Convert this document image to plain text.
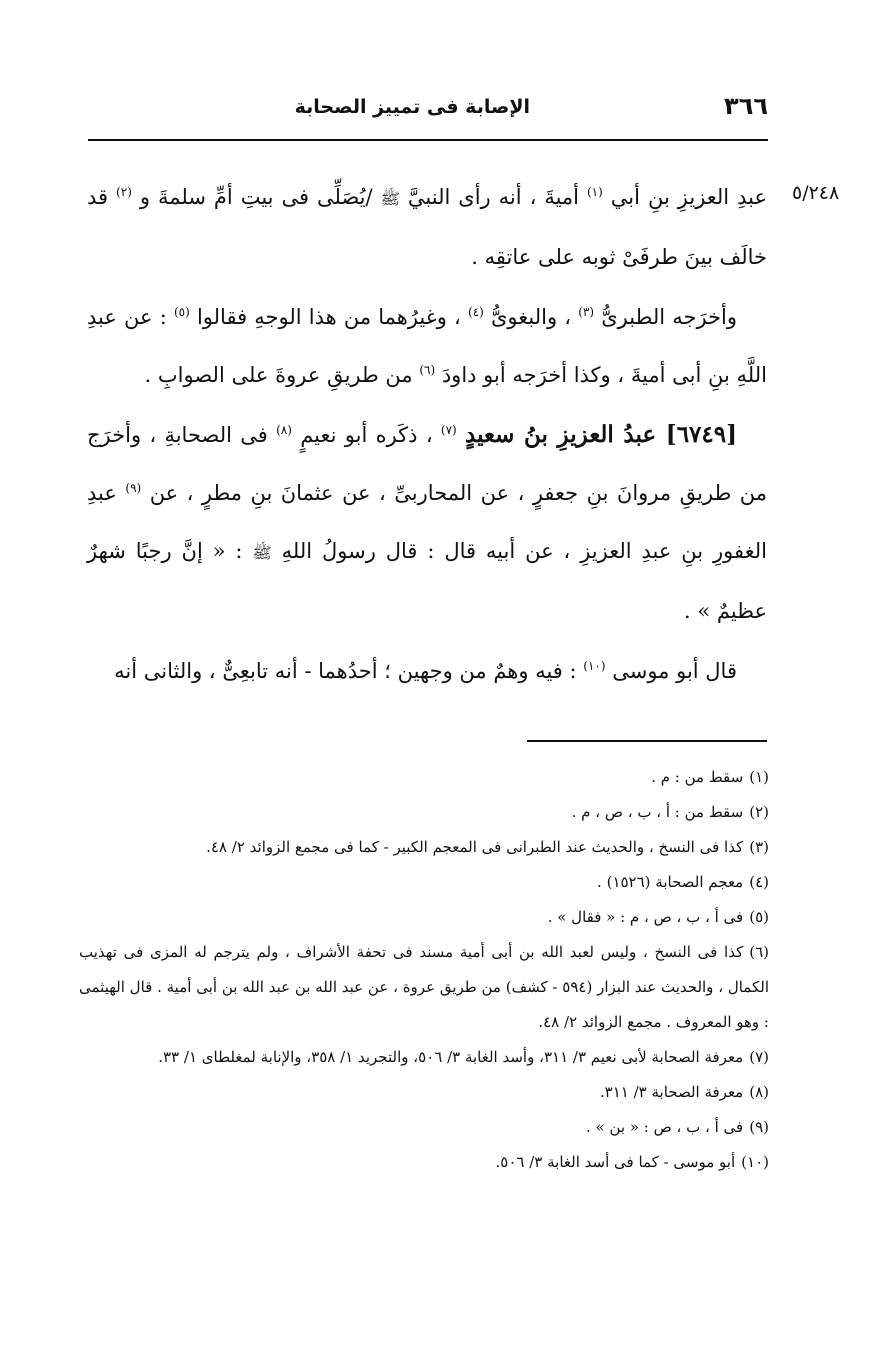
٣٦٦
الإصابة فى تمييز الصحابة
٥/٢٤٨

عبدِ العزيزِ بنِ أبي $^{(١)}$ أميةَ ، أنه رأى النبيَّ ﷺ /يُصَلِّى فى بيتِ أمِّ سلمةَ و $^{(٢)}$ قد خالَف بينَ طرفَىْ ثوبه على عاتقِه .

وأخرَجه الطبرىُّ $^{(٣)}$ ، والبغوىُّ $^{(٤)}$ ، وغيرُهما من هذا الوجهِ فقالوا $^{(٥)}$ : عن عبدِ اللَّهِ بنِ أبى أميةَ ، وكذا أخرَجه أبو داودَ $^{(٦)}$ من طريقِ عروةَ على الصوابِ .

[٦٧٤٩] عبدُ العزيزِ بنُ سعيدٍ $^{(٧)}$ ، ذكَره أبو نعيمٍ $^{(٨)}$ فى الصحابةِ ، وأخرَج من طريقِ مروانَ بنِ جعفرٍ ، عن المحاربىِّ ، عن عثمانَ بنِ مطرٍ ، عن $^{(٩)}$ عبدِ الغفورِ بنِ عبدِ العزيزِ ، عن أبيه قال : قال رسولُ اللهِ ﷺ : « إنَّ رجبًا شهرٌ عظيمٌ » .

قال أبو موسى $^{(١٠)}$ : فيه وهمٌ من وجهين ؛ أحدُهما - أنه تابعِىٌّ ، والثانى أنه

(١)سقط من : م .

(٢)سقط من : أ ، ب ، ص ، م .

(٣)كذا فى النسخ ، والحديث عند الطبرانى فى المعجم الكبير - كما فى مجمع الزوائد ٢/ ٤٨.

(٤)معجم الصحابة (١٥٢٦) .

(٥)فى أ ، ب ، ص ، م : « فقال » .

(٦)كذا فى النسخ ، وليس لعبد الله بن أبى أمية مسند فى تحفة الأشراف ، ولم يترجم له المزى فى تهذيب الكمال ، والحديث عند البزار (٥٩٤ - كشف) من طريق عروة ، عن عبد الله بن عبد الله بن أبى أمية . قال الهيثمى : وهو المعروف . مجمع الزوائد ٢/ ٤٨.

(٧)معرفة الصحابة لأبى نعيم ٣/ ٣١١، وأسد الغابة ٣/ ٥٠٦، والتجريد ١/ ٣٥٨، والإنابة لمغلطاى ١/ ٣٣.

(٨)معرفة الصحابة ٣/ ٣١١.

(٩)فى أ ، ب ، ص : « بن » .

(١٠)أبو موسى - كما فى أسد الغابة ٣/ ٥٠٦.
